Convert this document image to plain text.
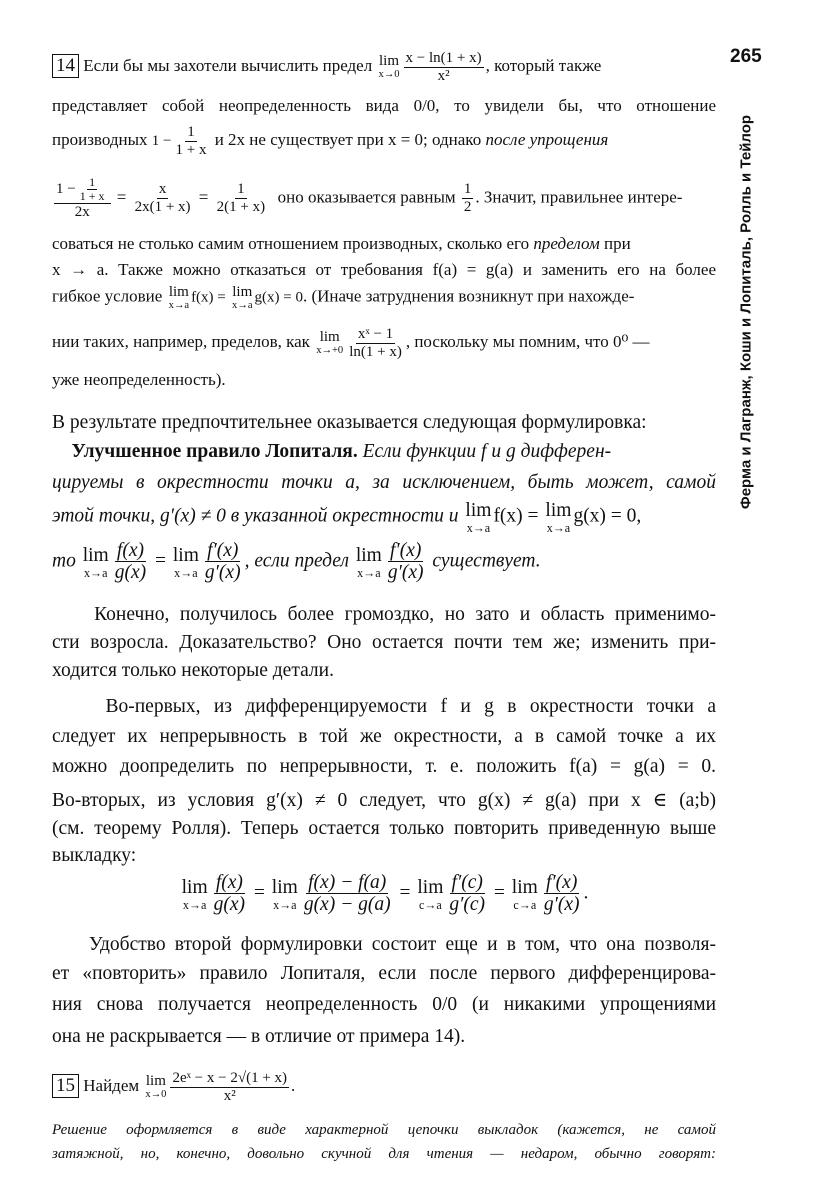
265
Ферма и Лагранж, Коши и Лопиталь, Ролль и Тейлор
14 Если бы мы захотели вычислить предел lim
$x\to 0 \frac{x - \ln(1 + x)}{\text{x²}}$ , который также
представляет собой неопределенность вида 0/0, то увидели бы, что отношение
производных $1 - \frac{1}{1 + x}$ и 2x не существует при x = 0; однако после упрощения
$\frac{1 - \frac{1}{1 + x}}{2x} = \frac{x}{2x(1 + x)} = \frac{1}{2(1 + x)}$ оно оказывается равным $\frac{1}{2}$ . Значит, правильнее интере-
соваться не столько самим отношением производных, сколько его пределом при
x → a. Также можно отказаться от требования f(a) = g(a) и заменить его на более
гибкое условие lim
x→a f(x) = lim
x→a g(x) = 0. (Иначе затруднения возникнут при нахожде-
нии таких, например, пределов, как lim
$x\to+0 \frac{\text{xˣ − 1}}{\ln(1 + x)}$ , поскольку мы помним, что 0⁰ —
уже неопределенность).
В результате предпочтительнее оказывается следующая формулировка:
Улучшенное правило Лопиталя. Если функции f и g дифферен-
цируемы в окрестности точки a, за исключением, быть может, самой
этой точки, g′(x) ≠ 0 в указанной окрестности и lim
x→a
f(x) = lim
x→a
g(x) = 0,
то lim
$x\to a \frac{f(x)}{g(x)} = \lim$
$x\to a \frac{f'(x)}{g'(x)}$ , если предел lim
$x\to a \frac{f'(x)}{g'(x)}$ существует.
Конечно, получилось более громоздко, но зато и область применимо-
сти возросла. Доказательство? Оно остается почти тем же; изменить при-
ходится только некоторые детали.
Во-первых, из дифференцируемости f и g в окрестности точки a
следует их непрерывность в той же окрестности, а в самой точке a их
можно доопределить по непрерывности, т. е. положить f(a) = g(a) = 0.
Во-вторых, из условия g′(x) ≠ 0 следует, что g(x) ≠ g(a) при x ∈ (a;b)
(см. теорему Ролля). Теперь остается только повторить приведенную выше
выкладку:
lim
$x\to a \frac{f(x)}{g(x)} = \lim$
$x\to a \frac{f(x) - f(a)}{g(x) - g(a)} = \lim$
$c\to a \frac{f'(c)}{g'(c)} = \lim$
$c\to a \frac{f'(x)}{g'(x)}$ .
Удобство второй формулировки состоит еще и в том, что она позволя-
ет «повторить» правило Лопиталя, если после первого дифференцирова-
ния снова получается неопределенность 0/0 (и никакими упрощениями
она не раскрывается — в отличие от примера 14).
15 Найдем lim
$x\to 0 \frac{\text{2eˣ − x − 2√(1 + x)}}{\text{x²}}$ .
Решение оформляется в виде характерной цепочки выкладок (кажется, не самой
затяжной, но, конечно, довольно скучной для чтения — недаром, обычно говорят:
